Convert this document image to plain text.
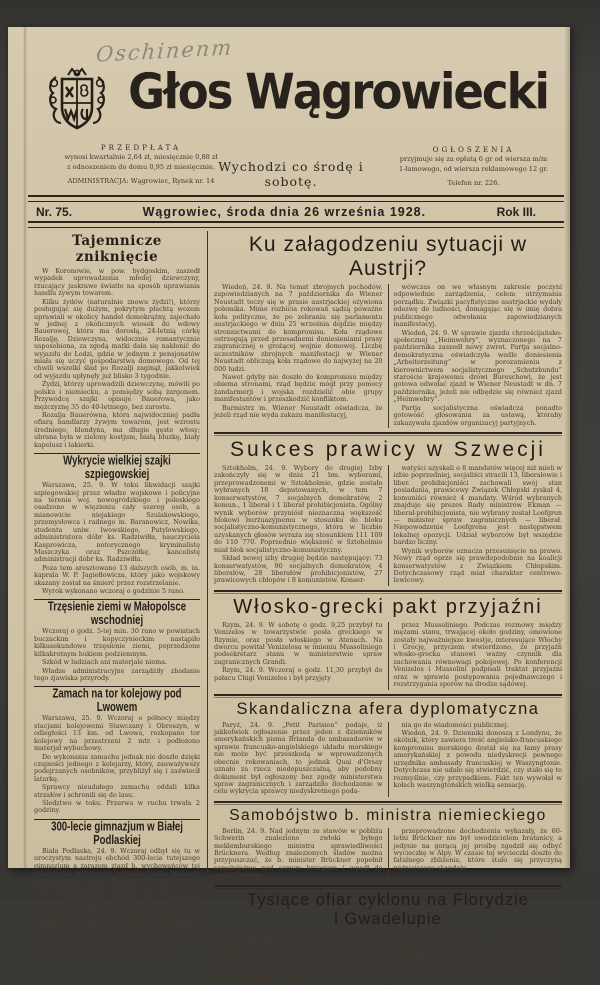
Oschinenm
Głos Wągrowiecki
PRZEDPŁATA
wynosi kwartalnie 2,64 zł, miesięcznie 0,88 zł
z odnoszeniem do domu 0,95 zł miesięcznie.
ADMINISTRACJA: Wągrowiec, Rynek nr. 14
Wychodzi co środę i sobotę.
OGŁOSZENIA
przyjmuje się za opłatą 6 gr od wiersza m/m
1-łamowego, od wiersza reklamowego 12 gr.
Telefon nr. 226.
Nr. 75.	Wągrowiec, środa dnia 26 września 1928.	Rok III.
Tajemnicze zniknięcie

W Koronowie, w pow. bydgoskim, zaszedł wypadek uprowadzenia młodej dziewczyny, rzucający jaskrawe światło na sposób uprawiania handlu żywym towarem.

Kilku żydów (naturalnie znowu żydzi!), którzy posługując się dużym, pokrytym płachtą wozem uprawiali w okolicy handel domokrążny, zajechało w jednej z okolicznych wiosek do wdowy Bauerowej, która ma dorosłą, 24-letnią córkę Rozalję. Dziewczyna, widocznie romantycznie usposobiona, za zgodą matki dała się nakłonić do wyjazdu do Łodzi, gdzie w jednym z pensjonatów miała się uczyć gospodarstwa domowego. Od tej chwili wszelki ślad po Rozalji zaginął, jakkolwiek od wyjazdu upłynęły już blisko 3 tygodnie.

Żydzi, którzy uprowadzili dziewczynę, mówili po polsku i niemiecku, a pomiędzy sobą żargonem. Przywódcę szajki opisuje Bauerowa, jako mężczyznę 35 do 40-letniego, bez zarostu.

Rozalja Bauerówna, która najwidoczniej padła ofiarą handlarzy żywym towarem, jest wzrostu średniego, blondyna, ma długie gęste włosy; ubrana była w zielony kostjum, białą bluzkę, biały kapelusz i lakierki.

Wykrycie wielkiej szajki szpiegowskiej

Warszawa, 25. 9. W toku likwidacji szajki szpiegowskiej przez władze wojskowe i policyjne na terenie woj. nowogródzkiego i poleskiego osadzono w więzieniu cały szereg osób, a mianowicie niejakiego Szulakowskiego, przemysłowca i radnego m. Baranowicz, Nowika, studenta uniw. lwowskiego, Putylowskiego, administratora dóbr ks. Radziwiłła, nauczyciela Kasprowicza, notorycznego kryminalistę Maszczyka oraz Pszczółkę, kancelistę administracji dóbr ks. Radziwiłła.

Poza tem aresztowano 13 dalszych osób, m. in. kaprala W. P. Jagiełłowicza, który jako wojskowy skazany został na śmierć przez rozstrzelanie.

Wyrok wykonano wczoraj o godzinie 5 rano.

Trzęsienie ziemi w Małopolsce wschodniej

Wczoraj o godz. 5-tej min. 30 rano w powiatach buczackim i kopyczynieckim nastąpiło kilkusekundowe trzęsienie ziemi, poprzedzone kilkakrotnym hukiem podziemnym.

Szkód w ludziach ani materjale niema.

Władze administracyjne zarządziły zbadanie tego zjawiska przyrody.

Zamach na tor kolejowy pod Lwowem

Warszawa, 25. 9. Wczoraj o północy między stacjami kolejowemi Stawczany i Obroszyn, w odległości 13 km. od Lwowa, rozkopano tor kolejowy na przestrzeni 2 mtr. i podłożono materjał wybuchowy.

Do wykonania zamachu jednak nie doszło dzięki czujności jednego z kolejarzy, który, zauważywszy podejrzanych osobników, przybliżył się i zaświecił latarkę.

Sprawcy nieudałego zamachu oddali kilka strzałów i schronili się do lasu.

Śledztwo w toku. Przerwa w ruchu trwała 2 godziny.

300-lecie gimnazjum w Białej Podlaskiej

Biała Podlaska, 24. 9. Wczoraj odbył się tu w uroczystym nastroju obchód 300-lecia tutejszego gimnazjum a zarazem zjazd b. wychowańców tej szkoły oraz odsłonięcie pomnika Józefa Ignacego Kraszewskiego, jako jednego z tych, którzy ukończyli gimnazjum w Białej Podlaskiej.

Po nabożeństwie odbyło się odsłonięcie wmurowanej w gmachu szkolnym tablicy ku czci założyciela tej szkoły Ks. Krzysztofa Bilskiego, a następnie w ogrodzie szkolnym odsłonięcie pomnika Kraszewskiego, poczem w auli szkolnej akademja, na której wygłoszono szereg referatów.

Na wniosek dyr. Nortowskiego uchwalono nadać szkole nazwę gimnazjum im. Kraszewskiego.

Ku załagodzeniu sytuacji w Austrji?

Wiedeń, 24. 9. Na temat zbrojnych pochodów, zapowiedzianych na 7 października do Wiener Neustadt toczy się w prasie austrjackiej ożywiona polemika. Mimo rozbicia rokowań sądzą poważne koła polityczne, że po zebraniu się parlamentu austrjackiego w dniu 25 września dojdzie między stronnictwami do kompromisu. Koła rządowe ostrzegają przed przesadnemi doniesieniami prasy zagranicznej o grożącej wojnie domowej. Liczbę uczestników zbrojnych manifestacji w Wiener Neustadt obliczają koła rządowe do najwyżej na 20 000 ludzi.

Nawet gdyby nie doszło do kompromisu między obiema stronami, rząd będzie mógł przy pomocy żandarmerji i wojska rozdzielić obie grupy manifestantów i przeszkodzić konfliktom.

Burmistrz m. Wiener Neustadt oświadcza, że jeżeli rząd nie wyda zakazu manifestacyj,

wówczas on we własnym zakresie poczyni odpowiednie zarządzenia, celem utrzymania porządku. Związki pacyfistyczne austrjackie wydały odezwę do ludności, domagając się w imię dobra publicznego odwołania zapowiedzianych manifestacyj.

Wiedeń, 24. 9. W sprawie zjazdu chrześcijańsko-społecznej „Heimwehry”, wyznaczonego na 7 października zaszedł nowy zwrot. Partja socjalno-demokratyczna oświadczyła wedle doniesienia „Arbeiterzeitung” w porozumieniu z kierownictwem socjalistycznego „Schutzbundu” staroście krajowemu drowi Bureschowi, że jest gotowa odwołać zjazd w Wiener Neustadt w dn. 7 października, jeżeli nie odbędzie się również zjazd „Heimwehry”.

Partja socjalistyczna oświadcza ponadto gotowość głosowania za ustawą, któraby zakazywała zjazdów organizacyj partyjnych.

Sukces prawicy w Szwecji

Sztokholm, 24. 9. Wybory do drugiej Izby zakończyły się w dniu 21 bm. wyborami, przeprowadzonemi w Sztokholmie, gdzie zostało wybranych 18 deputowanych, w tem 7 konserwatystów, 7 socjalnych demokratów, 2 komun., 1 liberał i 1 liberał prohibicjonista. Ogólny wynik wyborów przyniósł nieznaczną większość blokowi burżuazyjnemu w stosunku do bloku socjalistyczno-komunistycznego, która w liczbie uzyskanych głosów wyraża się stosunkiem 111 109 do 110 770. Poprzednio większość w Sztoholmie miał blok socjalistyczno-komunistyczny.

Skład nowej izby drugiej będzie następujący: 73 konserwatystów, 90 socjalnych demokratów, 4 liberałów, 28 liberałów prohibicjonistów, 27 prawicowych chłopów i 8 komunistów. Konser-

watyści uzyskali o 8 mandatów więcej niż mieli w izbie poprzedniej, socjaliści stracili 13, liberałowie i liber. prohibicjoniści zachowali swój stan posiadania, prawicowy Związek Chłopski zyskał 4, komuniści również 4 mandaty. Wśród wybranych znajduje się prezes Rady ministrów Ekman — liberał-prohibicjonista, nie wybrany został Loefgren — minister spraw zagranicznych — liberał. Niepowodzenie Loefgrena jest następstwem lokalnej opozycji. Udział wyborców był wszędzie bardzo liczny.

Wynik wyborów oznacza przesunięcie na prawo. Nowy rząd oprze się prawdopodobnie na koalicji konserwatystów z Związkiem Chłopskim. Dotychczasowy rząd miał charakter centrowo-lewicowy.

Włosko-grecki pakt przyjaźni

Rzym, 24. 9. W sobotę o godz. 9,25 przybył tu Venizelos w towarzystwie posła greckiego w Rzymie, oraz posła włoskiego w Atenach. Na dworcu powitał Venizelosa w imieniu Mussoliniego podsekretarz stanu w ministerstwie spraw zagranicznych Grandi.

Rzym, 24. 9. Wczoraj o godz. 11,30 przybył do pałacu Chigi Venizelos i był przyjęty

przez Mussoliniego. Podczas rozmowy między mężami stanu, trwającej około godziny, omówione zostały najważniejsze kwestje, interesujące Włochy i Grecję, przyczem stwierdzono, że przyjaźń włosko-grecka stanowi ważny czynnik dla zachowania równowagi pokojowej. Po konferencji Venizelos i Mussolini podpisali traktat przyjaźni oraz w sprawie postępowania pojednawczego i rozstrzygania sporów na drodze sądowej.

Skandaliczna afera dyplomatyczna

Paryż, 24. 9. „Petit Parisien” podaje, iż jakkolwiek ogłoszenie przez jeden z dzienników amerykańskich pisma Brianda do ambasadorów w sprawie francusko-angielskiego układu morskiego nie może być przeszkodą w wprowadzonych obecnie rokowaniach, to jednak Quai d'Orsay uznało za rzecz niedopuszczalną, aby podobny dokument był ogłoszony bez zgody ministerstwa spraw zagranicznych i zarządziło dochodzenie w celu wykrycia sprawcy niedyskretnego poda-

nia go do wiadomości publicznej.

Wiedeń, 24. 9. Dzienniki donoszą z Londynu, że okólnik, który zawiera treść angielsko-francuskiego kompromisu morskiego dostał się na łamy prasy amerykańskiej z powodu niedyskrecji pewnego urzędnika ambasady francuskiej w Waszyngtonie. Dotychczas nie udało się stwierdzić, czy stało się to rozmyślnie, czy przypadkiem. Fakt ten wywołał w kołach waszyngtońskich wielką sensację.

Samobójstwo b. ministra niemieckiego

Berlin, 24. 9. Nad jednym ze stawów w pobliżu Schwerin znaleziono zwłoki byłego meklemburskiego ministra sprawiedliwości Brücknera. Według znalezionych śladów można przypuszczać, że b. minister Brückner popełnił samobójstwo nad samym brzegiem i wpadł do wody. Ostatnio

przeprowadzone dochodzenia wykazały, że 60-letni Brückner nie był uwodzicielem bratanicy, a jedynie na gorącą jej prośbę zgodził się odbyć wycieczkę w Alpy. W czasie tej wycieczki doszło do fatalnego zbliżenia, które stało się przyczyną późniejszego skandalu.

Tysiące ofiar cyklonu na Florydzie
i Gwadelupie

Palmbeach, 24. 9. W zatoce Pelican znaleziono dalszych 200 trupów. Tymczasem liczba ofiar i zabitych podniosła się do 400 zabitych. Jest to okolica zamieszkała głównie przez plantatorów trzciny cukrowej. Istnieje obawa, że cała ludność miasteczka Pelican City zginęła. Według doniesień ostrożnych obliczeń liczba zabitych na

Florydzie wynosi 2200.

Paryż, 24. 9. Według doniesień gubernatora Gwadelupy ofiarą cyklonu, który tam szalał padło 1270 osób.

Na wyspie Portorico wybuchły różne epidemje. Ludność z rozpaczy masowo popełnia samobójstwa.
